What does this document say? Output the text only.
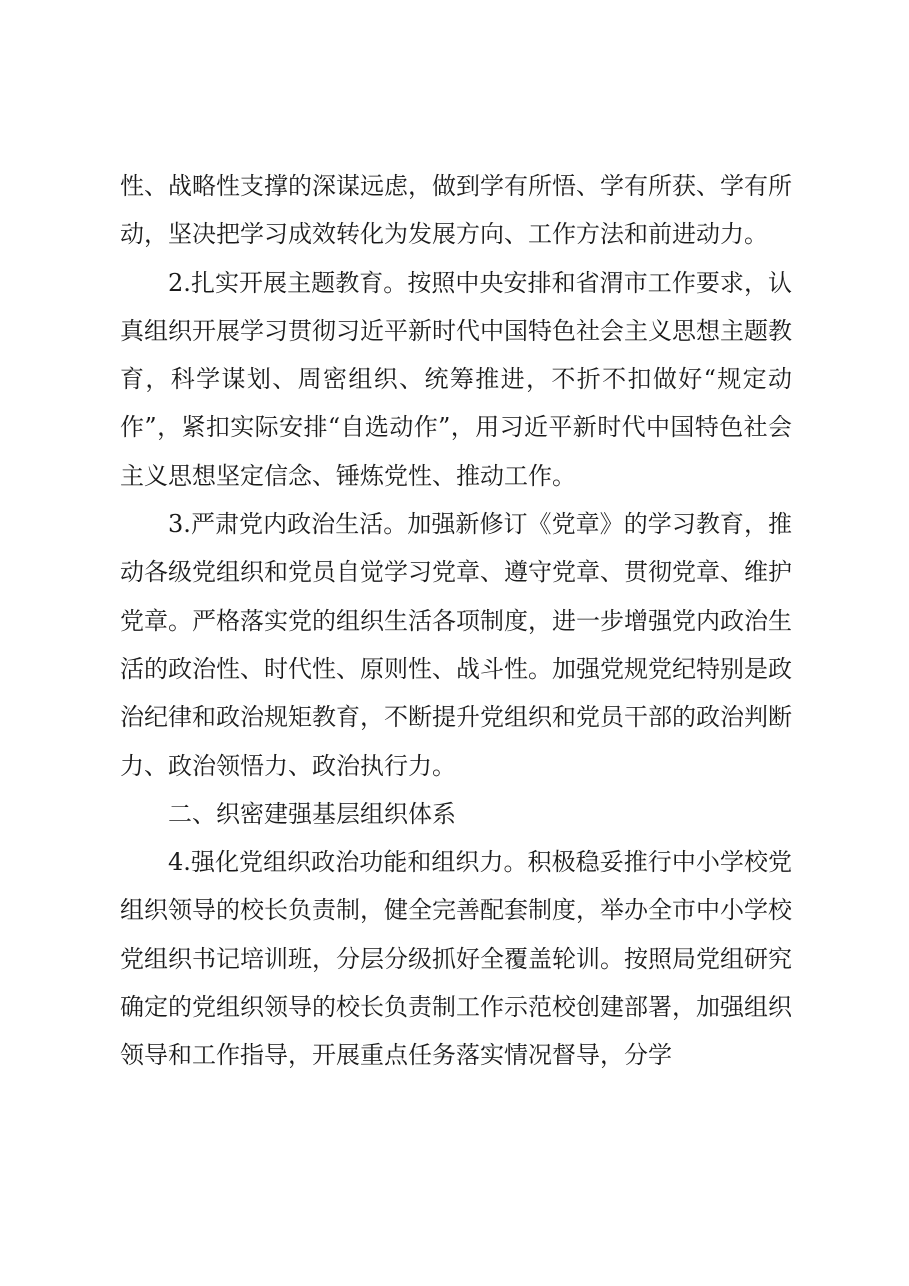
性、战略性支撑的深谋远虑，做到学有所悟、学有所获、学有所动，坚决把学习成效转化为发展方向、工作方法和前进动力。

2.扎实开展主题教育。按照中央安排和省渭市工作要求，认真组织开展学习贯彻习近平新时代中国特色社会主义思想主题教育，科学谋划、周密组织、统筹推进，不折不扣做好“规定动作”，紧扣实际安排“自选动作”，用习近平新时代中国特色社会主义思想坚定信念、锤炼党性、推动工作。

3.严肃党内政治生活。加强新修订《党章》的学习教育，推动各级党组织和党员自觉学习党章、遵守党章、贯彻党章、维护党章。严格落实党的组织生活各项制度，进一步增强党内政治生活的政治性、时代性、原则性、战斗性。加强党规党纪特别是政治纪律和政治规矩教育，不断提升党组织和党员干部的政治判断力、政治领悟力、政治执行力。

二、织密建强基层组织体系

4.强化党组织政治功能和组织力。积极稳妥推行中小学校党组织领导的校长负责制，健全完善配套制度，举办全市中小学校党组织书记培训班，分层分级抓好全覆盖轮训。按照局党组研究确定的党组织领导的校长负责制工作示范校创建部署，加强组织领导和工作指导，开展重点任务落实情况督导，分学
